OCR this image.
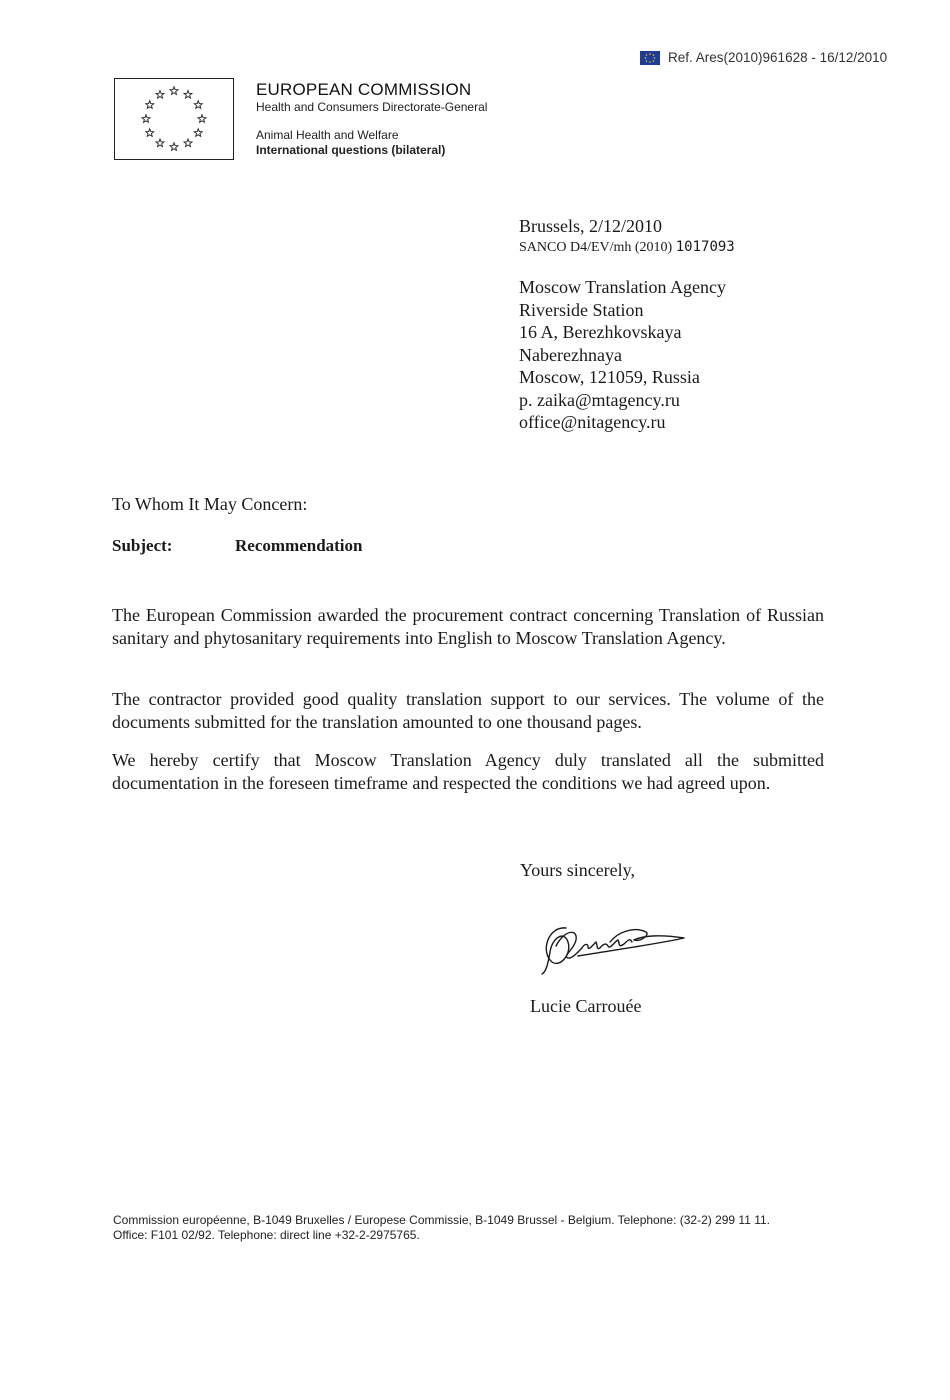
Ref. Ares(2010)961628 - 16/12/2010
EUROPEAN COMMISSION
Health and Consumers Directorate-General
Animal Health and Welfare
International questions (bilateral)
Brussels, 2/12/2010
SANCO D4/EV/mh (2010) 1017093
Moscow Translation Agency
Riverside Station
16 A, Berezhkovskaya
Naberezhnaya
Moscow, 121059, Russia
p. zaika@mtagency.ru
office@nitagency.ru
To Whom It May Concern:
Subject:	Recommendation
The European Commission awarded the procurement contract concerning Translation of Russian sanitary and phytosanitary requirements into English to Moscow Translation Agency.
The contractor provided good quality translation support to our services. The volume of the documents submitted for the translation amounted to one thousand pages.
We hereby certify that Moscow Translation Agency duly translated all the submitted documentation in the foreseen timeframe and respected the conditions we had agreed upon.
Yours sincerely,
Lucie Carrouée
Commission européenne, B-1049 Bruxelles / Europese Commissie, B-1049 Brussel - Belgium. Telephone: (32-2) 299 11 11.
Office: F101 02/92. Telephone: direct line +32-2-2975765.
